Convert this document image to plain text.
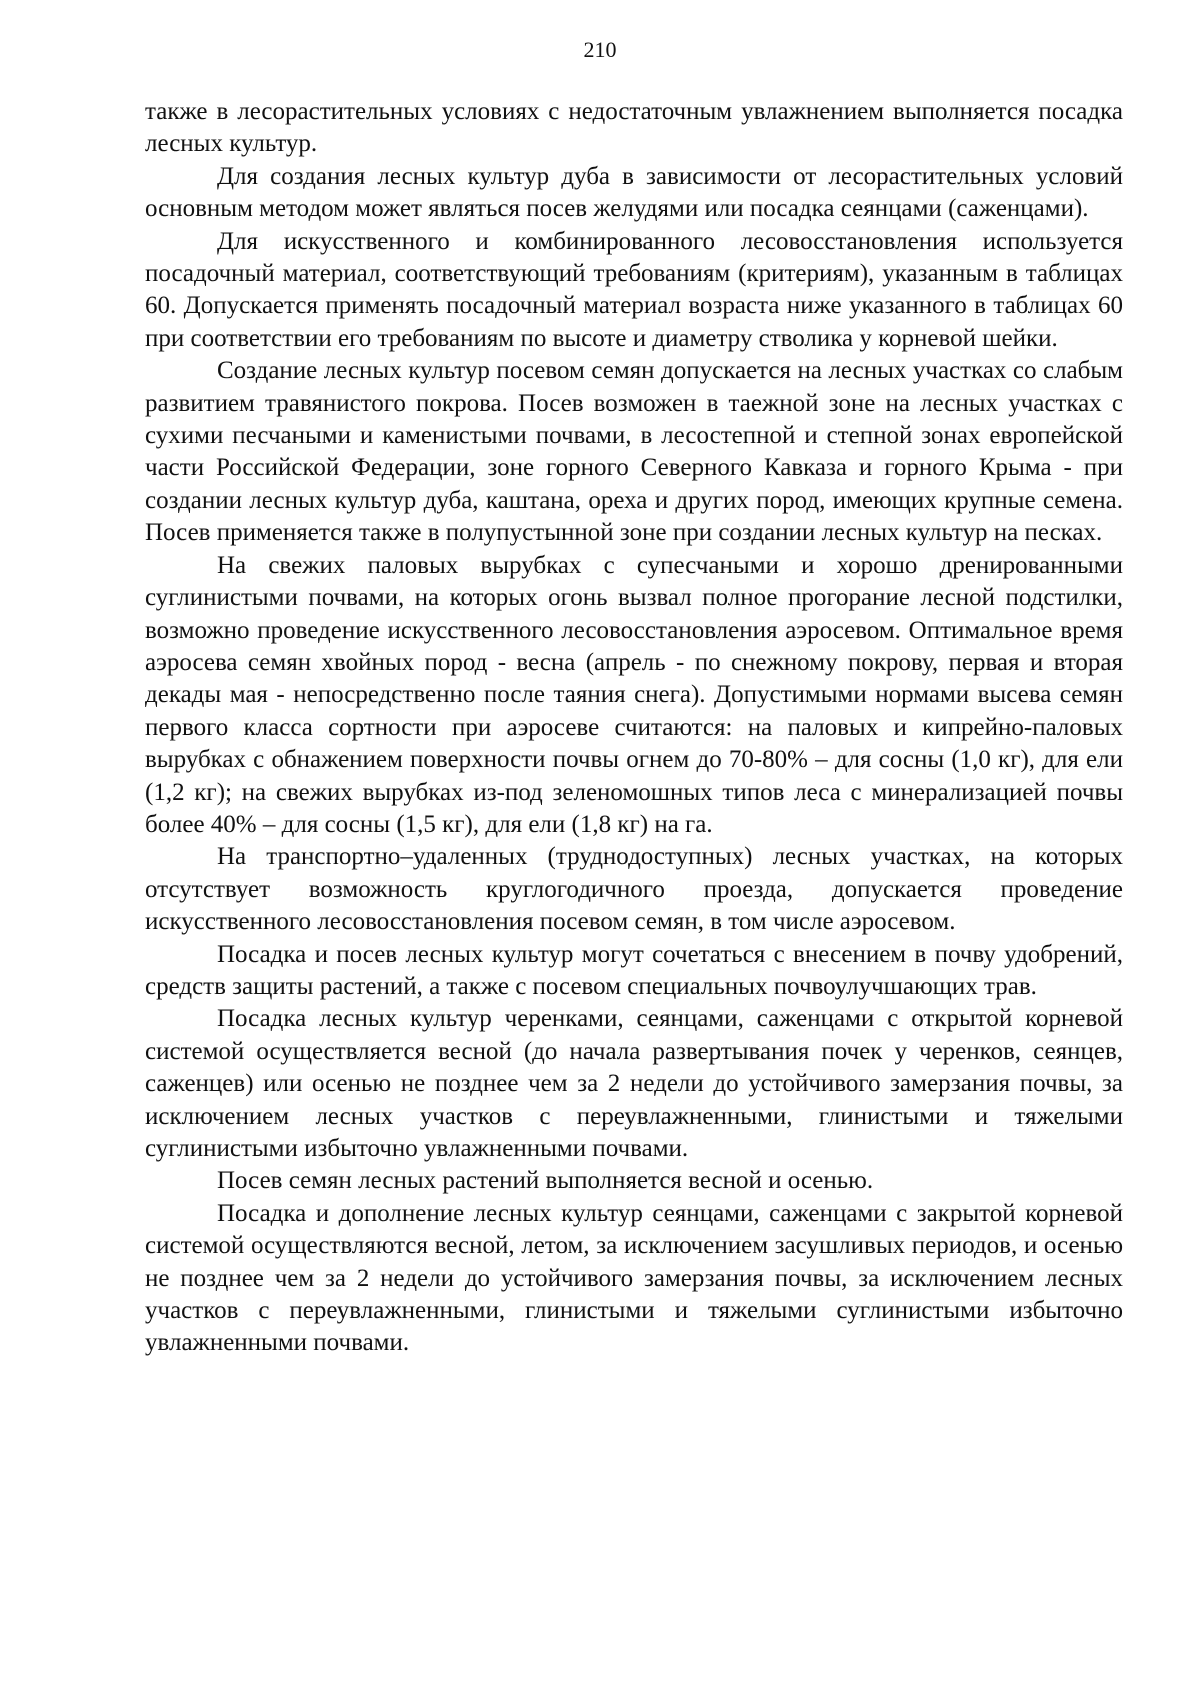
210

также в лесорастительных условиях с недостаточным увлажнением выполняется посадка лесных культур.

Для создания лесных культур дуба в зависимости от лесорастительных условий основным методом может являться посев желудями или посадка сеянцами (саженцами).

Для искусственного и комбинированного лесовосстановления используется посадочный материал, соответствующий требованиям (критериям), указанным в таблицах 60. Допускается применять посадочный материал возраста ниже указанного в таблицах 60 при соответствии его требованиям по высоте и диаметру стволика у корневой шейки.

Создание лесных культур посевом семян допускается на лесных участках со слабым развитием травянистого покрова. Посев возможен в таежной зоне на лесных участках с сухими песчаными и каменистыми почвами, в лесостепной и степной зонах европейской части Российской Федерации, зоне горного Северного Кавказа и горного Крыма - при создании лесных культур дуба, каштана, ореха и других пород, имеющих крупные семена. Посев применяется также в полупустынной зоне при создании лесных культур на песках.

На свежих паловых вырубках с супесчаными и хорошо дренированными суглинистыми почвами, на которых огонь вызвал полное прогорание лесной подстилки, возможно проведение искусственного лесовосстановления аэросевом. Оптимальное время аэросева семян хвойных пород - весна (апрель - по снежному покрову, первая и вторая декады мая - непосредственно после таяния снега). Допустимыми нормами высева семян первого класса сортности при аэросеве считаются: на паловых и кипрейно-паловых вырубках с обнажением поверхности почвы огнем до 70-80% – для сосны (1,0 кг), для ели (1,2 кг); на свежих вырубках из-под зеленомошных типов леса с минерализацией почвы более 40% – для сосны (1,5 кг), для ели (1,8 кг) на га.

На транспортно–удаленных (труднодоступных) лесных участках, на которых отсутствует возможность круглогодичного проезда, допускается проведение искусственного лесовосстановления посевом семян, в том числе аэросевом.

Посадка и посев лесных культур могут сочетаться с внесением в почву удобрений, средств защиты растений, а также с посевом специальных почвоулучшающих трав.

Посадка лесных культур черенками, сеянцами, саженцами с открытой корневой системой осуществляется весной (до начала развертывания почек у черенков, сеянцев, саженцев) или осенью не позднее чем за 2 недели до устойчивого замерзания почвы, за исключением лесных участков с переувлажненными, глинистыми и тяжелыми суглинистыми избыточно увлажненными почвами.

Посев семян лесных растений выполняется весной и осенью.

Посадка и дополнение лесных культур сеянцами, саженцами с закрытой корневой системой осуществляются весной, летом, за исключением засушливых периодов, и осенью не позднее чем за 2 недели до устойчивого замерзания почвы, за исключением лесных участков с переувлажненными, глинистыми и тяжелыми суглинистыми избыточно увлажненными почвами.
